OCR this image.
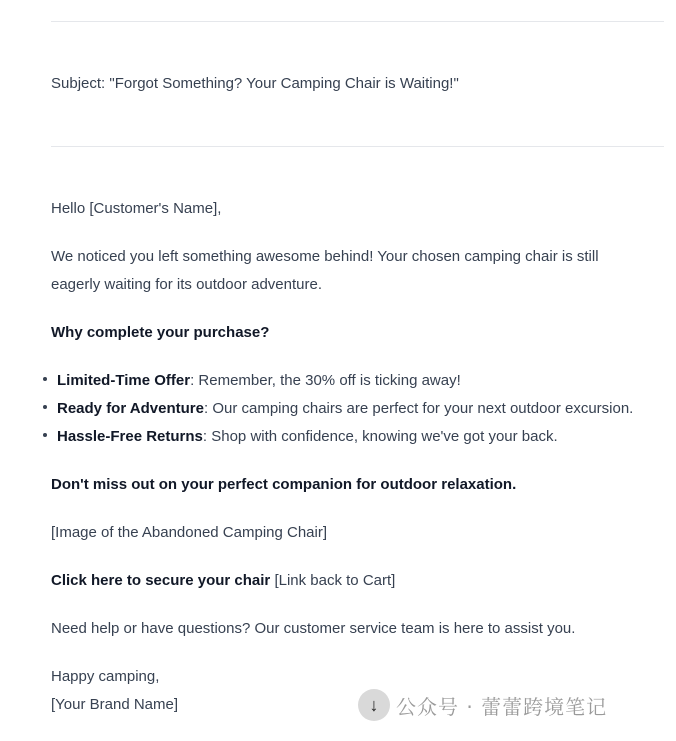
Subject: "Forgot Something? Your Camping Chair is Waiting!"
Hello [Customer's Name],
We noticed you left something awesome behind! Your chosen camping chair is still
eagerly waiting for its outdoor adventure.
Why complete your purchase?
Limited-Time Offer: Remember, the 30% off is ticking away!
Ready for Adventure: Our camping chairs are perfect for your next outdoor excursion.
Hassle-Free Returns: Shop with confidence, knowing we've got your back.
Don't miss out on your perfect companion for outdoor relaxation.
[Image of the Abandoned Camping Chair]
Click here to secure your chair [Link back to Cart]
Need help or have questions? Our customer service team is here to assist you.
Happy camping,
[Your Brand Name]	↓ 公众号 · 蕾蕾跨境笔记
